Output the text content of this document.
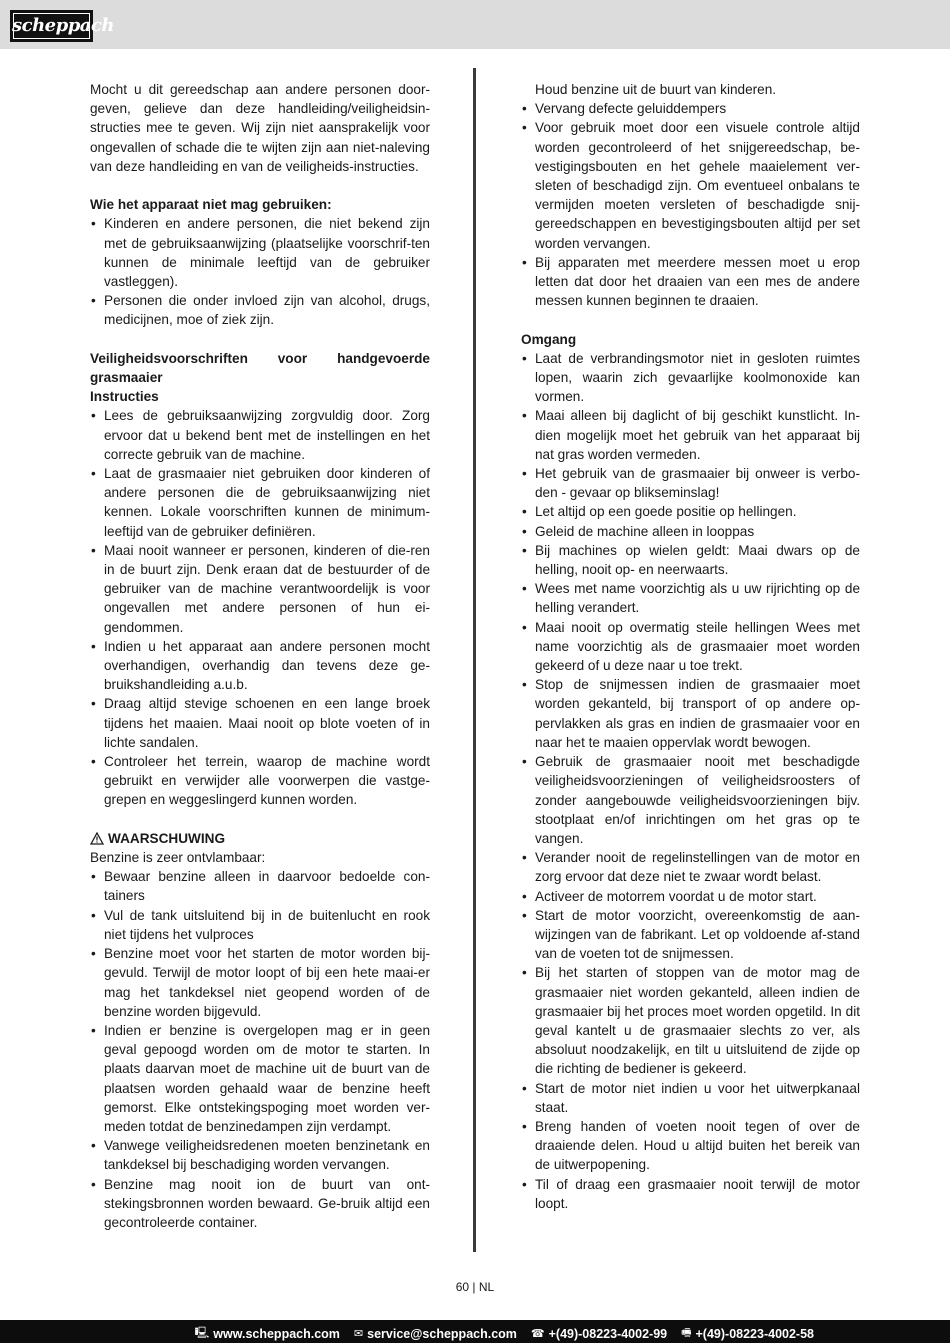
scheppach

Mocht u dit gereedschap aan andere personen door-geven, gelieve dan deze handleiding/veiligheidsin-structies mee te geven. Wij zijn niet aansprakelijk voor ongevallen of schade die te wijten zijn aan niet-naleving van deze handleiding en van de veiligheids-instructies.

Wie het apparaat niet mag gebruiken:
• Kinderen en andere personen, die niet bekend zijn met de gebruiksaanwijzing (plaatselijke voorschrif-ten kunnen de minimale leeftijd van de gebruiker vastleggen).
• Personen die onder invloed zijn van alcohol, drugs, medicijnen, moe of ziek zijn.
Veiligheidsvoorschriften voor handgevoerde
grasmaaier
Instructies
• Lees de gebruiksaanwijzing zorgvuldig door. Zorg ervoor dat u bekend bent met de instellingen en het correcte gebruik van de machine.
• Laat de grasmaaier niet gebruiken door kinderen of andere personen die de gebruiksaanwijzing niet kennen. Lokale voorschriften kunnen de minimum-leeftijd van de gebruiker definiëren.
• Maai nooit wanneer er personen, kinderen of die-ren in de buurt zijn. Denk eraan dat de bestuurder of de gebruiker van de machine verantwoordelijk is voor ongevallen met andere personen of hun ei-gendommen.
• Indien u het apparaat aan andere personen mocht overhandigen, overhandig dan tevens deze ge-bruikshandleiding a.u.b.
• Draag altijd stevige schoenen en een lange broek tijdens het maaien. Maai nooit op blote voeten of in lichte sandalen.
• Controleer het terrein, waarop de machine wordt gebruikt en verwijder alle voorwerpen die vastge-grepen en weggeslingerd kunnen worden.
WAARSCHUWING
Benzine is zeer ontvlambaar:
• Bewaar benzine alleen in daarvoor bedoelde con-tainers
• Vul de tank uitsluitend bij in de buitenlucht en rook niet tijdens het vulproces
• Benzine moet voor het starten de motor worden bij-gevuld. Terwijl de motor loopt of bij een hete maai-er mag het tankdeksel niet geopend worden of de benzine worden bijgevuld.
• Indien er benzine is overgelopen mag er in geen geval gepoogd worden om de motor te starten. In plaats daarvan moet de machine uit de buurt van de plaatsen worden gehaald waar de benzine heeft gemorst. Elke ontstekingspoging moet worden ver-meden totdat de benzinedampen zijn verdampt.
• Vanwege veiligheidsredenen moeten benzinetank en tankdeksel bij beschadiging worden vervangen.
• Benzine mag nooit ion de buurt van ont-stekingsbronnen worden bewaard. Ge-bruik altijd een gecontroleerde container.

Houd benzine uit de buurt van kinderen.

• Vervang defecte geluiddempers
• Voor gebruik moet door een visuele controle altijd worden gecontroleerd of het snijgereedschap, be-vestigingsbouten en het gehele maaielement ver-sleten of beschadigd zijn. Om eventueel onbalans te vermijden moeten versleten of beschadigde snij-gereedschappen en bevestigingsbouten altijd per set worden vervangen.
• Bij apparaten met meerdere messen moet u erop letten dat door het draaien van een mes de andere messen kunnen beginnen te draaien.
Omgang
• Laat de verbrandingsmotor niet in gesloten ruimtes lopen, waarin zich gevaarlijke koolmonoxide kan vormen.
• Maai alleen bij daglicht of bij geschikt kunstlicht. In-dien mogelijk moet het gebruik van het apparaat bij nat gras worden vermeden.
• Het gebruik van de grasmaaier bij onweer is verbo-den - gevaar op blikseminslag!
• Let altijd op een goede positie op hellingen.
• Geleid de machine alleen in looppas
• Bij machines op wielen geldt: Maai dwars op de helling, nooit op- en neerwaarts.
• Wees met name voorzichtig als u uw rijrichting op de helling verandert.
• Maai nooit op overmatig steile hellingen Wees met name voorzichtig als de grasmaaier moet worden gekeerd of u deze naar u toe trekt.
• Stop de snijmessen indien de grasmaaier moet worden gekanteld, bij transport of op andere op-pervlakken als gras en indien de grasmaaier voor en naar het te maaien oppervlak wordt bewogen.
• Gebruik de grasmaaier nooit met beschadigde veiligheidsvoorzieningen of veiligheidsroosters of zonder aangebouwde veiligheidsvoorzieningen bijv. stootplaat en/of inrichtingen om het gras op te vangen.
• Verander nooit de regelinstellingen van de motor en zorg ervoor dat deze niet te zwaar wordt belast.
• Activeer de motorrem voordat u de motor start.
• Start de motor voorzicht, overeenkomstig de aan-wijzingen van de fabrikant. Let op voldoende af-stand van de voeten tot de snijmessen.
• Bij het starten of stoppen van de motor mag de grasmaaier niet worden gekanteld, alleen indien de grasmaaier bij het proces moet worden opgetild. In dit geval kantelt u de grasmaaier slechts zo ver, als absoluut noodzakelijk, en tilt u uitsluitend de zijde op die richting de bediener is gekeerd.
• Start de motor niet indien u voor het uitwerpkanaal staat.
• Breng handen of voeten nooit tegen of over de draaiende delen. Houd u altijd buiten het bereik van de uitwerpopening.
• Til of draag een grasmaaier nooit terwijl de motor loopt.
60 | NL
🖳 www.scheppach.com ✉ service@scheppach.com ☎ +(49)-08223-4002-99 🖷 +(49)-08223-4002-58
